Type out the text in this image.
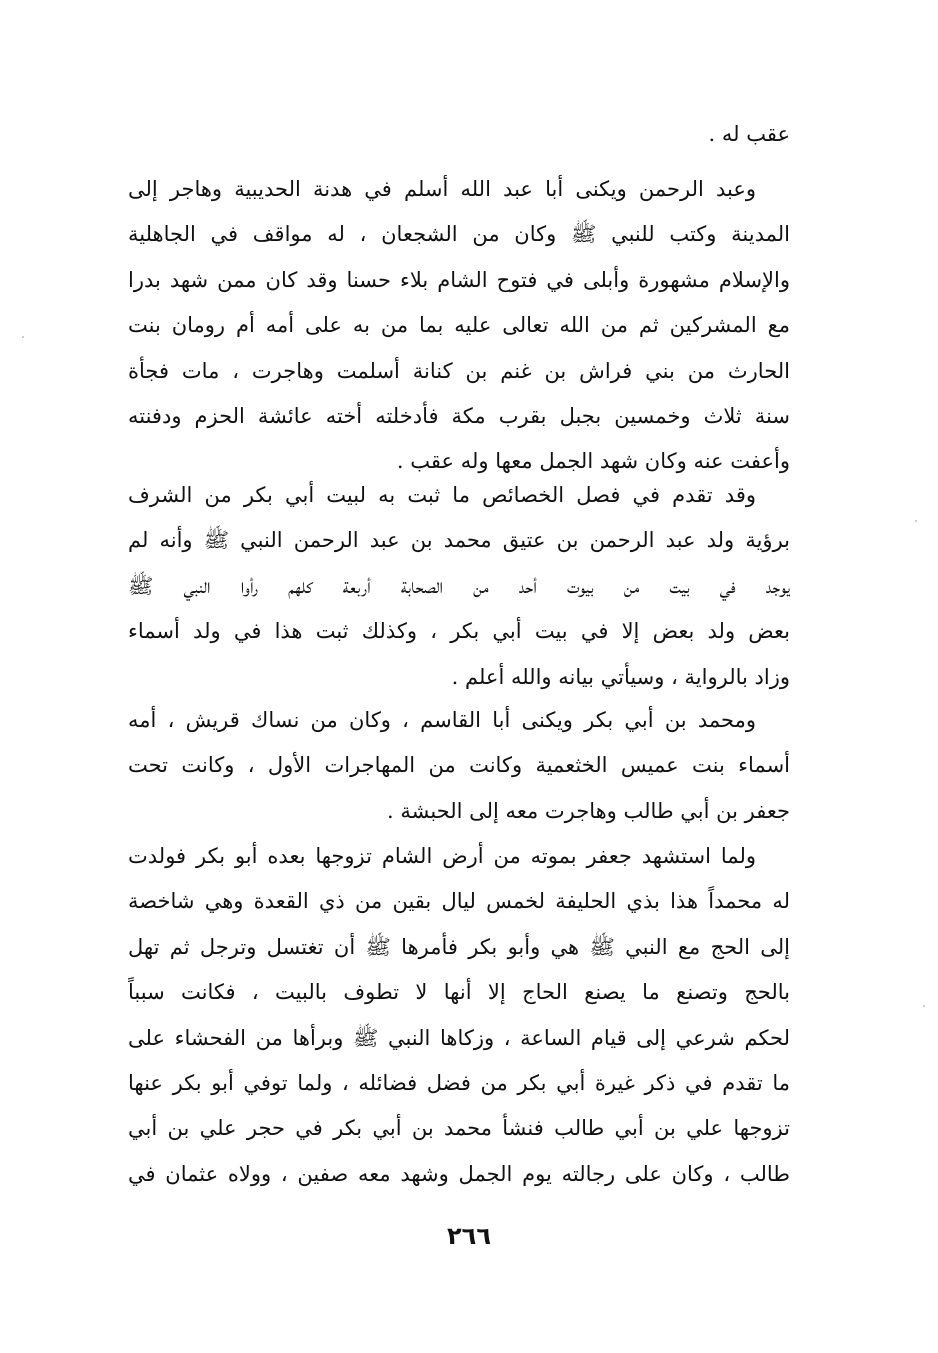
عقب له .
وعبد الرحمن ويكنى أبا عبد الله أسلم في هدنة الحديبية وهاجر إلى
المدينة وكتب للنبي ﷺ وكان من الشجعان ، له مواقف في الجاهلية
والإسلام مشهورة وأبلى في فتوح الشام بلاء حسنا وقد كان ممن شهد بدرا
مع المشركين ثم من الله تعالى عليه بما من به على أمه أم رومان بنت
الحارث من بني فراش بن غنم بن كنانة أسلمت وهاجرت ، مات فجأة
سنة ثلاث وخمسين بجبل بقرب مكة فأدخلته أخته عائشة الحزم ودفنته
وأعفت عنه وكان شهد الجمل معها وله عقب .
وقد تقدم في فصل الخصائص ما ثبت به لبيت أبي بكر من الشرف
برؤية ولد عبد الرحمن بن عتيق محمد بن عبد الرحمن النبي ﷺ وأنه لم
يوجد في بيت من بيوت أحد من الصحابة أربعة كلهم رأوا النبي ﷺ
بعض ولد بعض إلا في بيت أبي بكر ، وكذلك ثبت هذا في ولد أسماء
وزاد بالرواية ، وسيأتي بيانه والله أعلم .
ومحمد بن أبي بكر ويكنى أبا القاسم ، وكان من نساك قريش ، أمه
أسماء بنت عميس الخثعمية وكانت من المهاجرات الأول ، وكانت تحت
جعفر بن أبي طالب وهاجرت معه إلى الحبشة .
ولما استشهد جعفر بموته من أرض الشام تزوجها بعده أبو بكر فولدت
له محمداً هذا بذي الحليفة لخمس ليال بقين من ذي القعدة وهي شاخصة
إلى الحج مع النبي ﷺ هي وأبو بكر فأمرها ﷺ أن تغتسل وترجل ثم تهل
بالحج وتصنع ما يصنع الحاج إلا أنها لا تطوف بالبيت ، فكانت سبباً
لحكم شرعي إلى قيام الساعة ، وزكاها النبي ﷺ وبرأها من الفحشاء على
ما تقدم في ذكر غيرة أبي بكر من فضل فضائله ، ولما توفي أبو بكر عنها
تزوجها علي بن أبي طالب فنشأ محمد بن أبي بكر في حجر علي بن أبي
طالب ، وكان على رجالته يوم الجمل وشهد معه صفين ، وولاه عثمان في
٢٦٦
